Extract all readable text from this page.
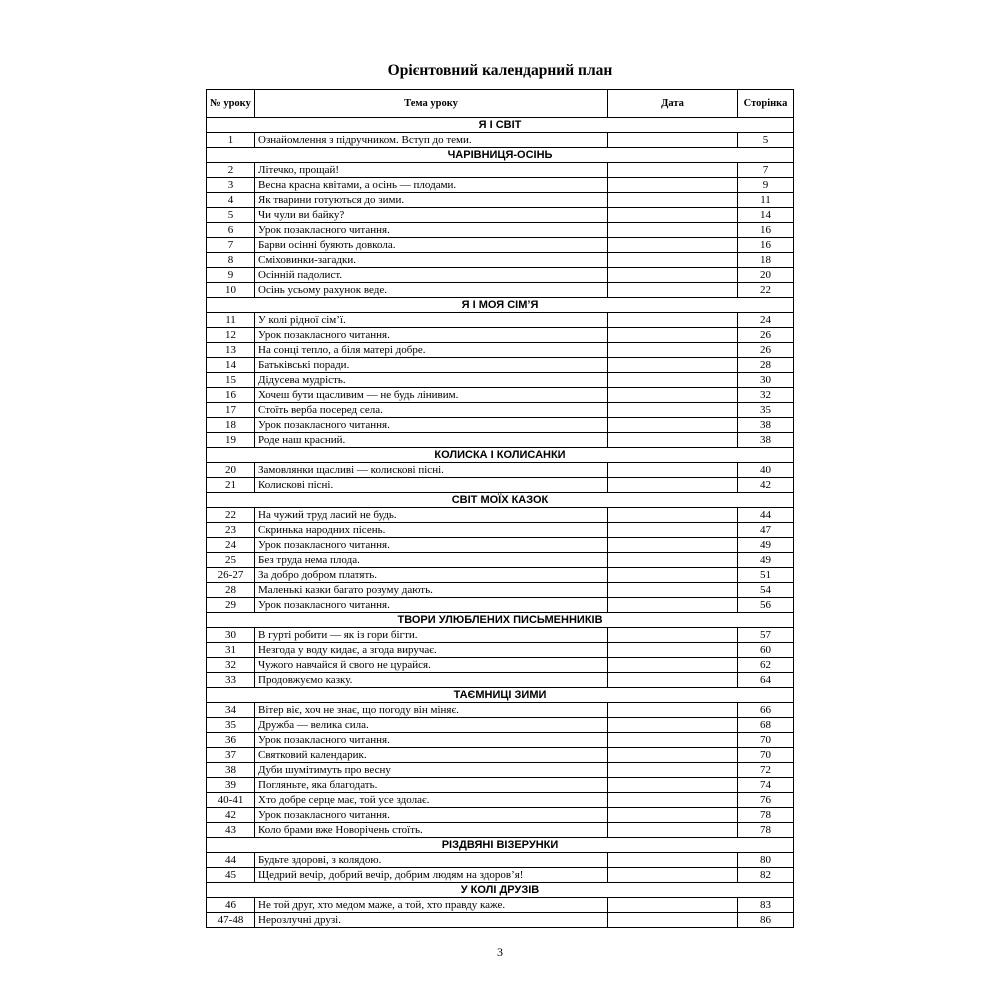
Орієнтовний календарний план
№ уроку	Тема уроку	Дата	Сторінка
Я І СВІТ			
1	Ознайомлення з підручником. Вступ до теми.		5
ЧАРІВНИЦЯ-ОСІНЬ			
2	Літечко, прощай!		7
3	Весна красна квітами, а осінь — плодами.		9
4	Як тварини готуються до зими.		11
5	Чи чули ви байку?		14
6	Урок позакласного читання.		16
7	Барви осінні буяють довкола.		16
8	Сміховинки-загадки.		18
9	Осінній падолист.		20
10	Осінь усьому рахунок веде.		22
Я І МОЯ СІМ’Я			
11	У колі рідної сім’ї.		24
12	Урок позакласного читання.		26
13	На сонці тепло, а біля матері добре.		26
14	Батьківські поради.		28
15	Дідусева мудрість.		30
16	Хочеш бути щасливим — не будь лінивим.		32
17	Стоїть верба посеред села.		35
18	Урок позакласного читання.		38
19	Роде наш красний.		38
КОЛИСКА І КОЛИСАНКИ			
20	Замовлянки щасливі — колискові пісні.		40
21	Колискові пісні.		42
СВІТ МОЇХ КАЗОК			
22	На чужий труд ласий не будь.		44
23	Скринька народних пісень.		47
24	Урок позакласного читання.		49
25	Без труда нема плода.		49
26-27	За добро добром платять.		51
28	Маленькі казки багато розуму дають.		54
29	Урок позакласного читання.		56
ТВОРИ УЛЮБЛЕНИХ ПИСЬМЕННИКІВ			
30	В гурті робити — як із гори бігти.		57
31	Незгода у воду кидає, а згода виручає.		60
32	Чужого навчайся й свого не цурайся.		62
33	Продовжуємо казку.		64
ТАЄМНИЦІ ЗИМИ			
34	Вітер віє, хоч не знає, що погоду він міняє.		66
35	Дружба — велика сила.		68
36	Урок позакласного читання.		70
37	Святковий календарик.		70
38	Дуби шумітимуть про весну		72
39	Погляньте, яка благодать.		74
40-41	Хто добре серце має, той усе здолає.		76
42	Урок позакласного читання.		78
43	Коло брами вже Новорічень стоїть.		78
РІЗДВЯНІ ВІЗЕРУНКИ			
44	Будьте здорові, з колядою.		80
45	Щедрий вечір, добрий вечір, добрим людям на здоров’я!		82
У КОЛІ ДРУЗІВ			
46	Не той друг, хто медом маже, а той, хто правду каже.		83
47-48	Нерозлучні друзі.		86
3
